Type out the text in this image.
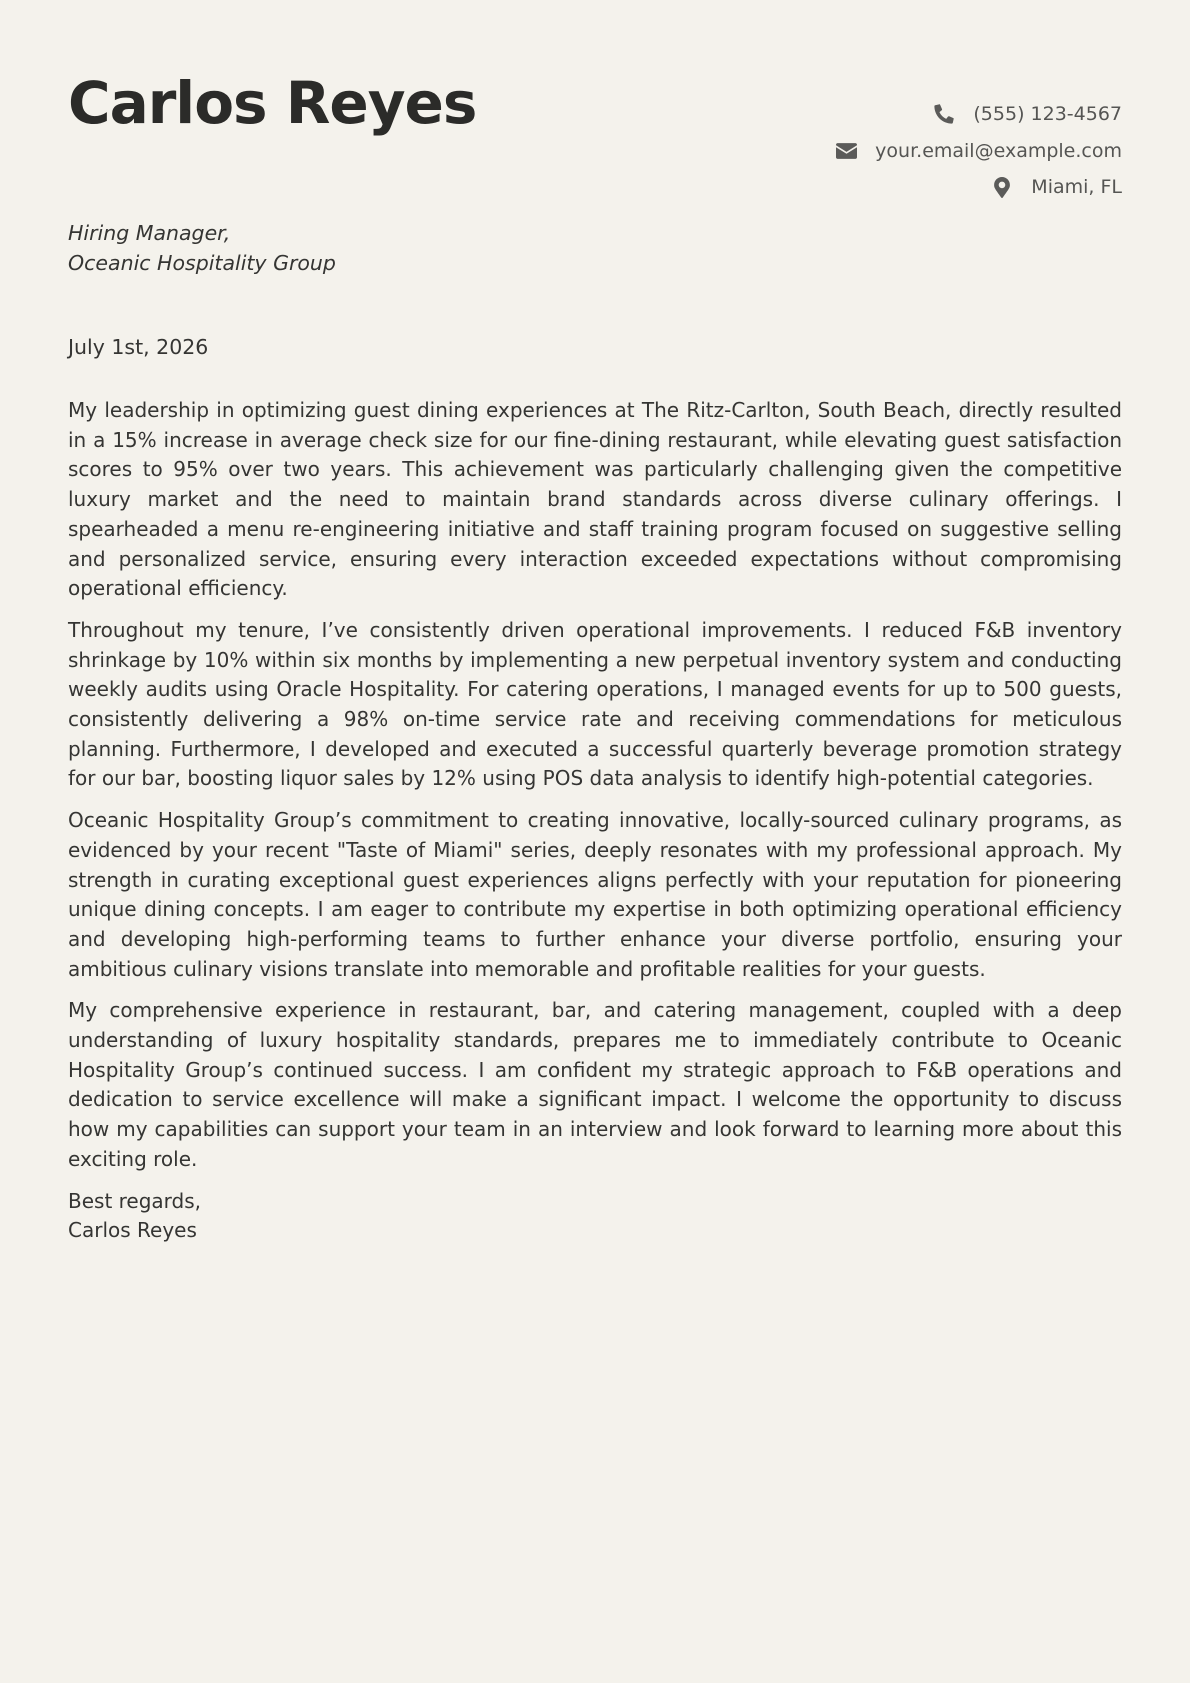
Carlos Reyes	(555) 123-4567
your.email@example.com
Miami, FL
Hiring Manager,
Oceanic Hospitality Group
July 1st, 2026

My leadership in optimizing guest dining experiences at The Ritz-Carlton, South Beach, directly resulted in a 15% increase in average check size for our fine-dining restaurant, while elevating guest satisfaction scores to 95% over two years. This achievement was particularly challenging given the competitive luxury market and the need to maintain brand standards across diverse culinary offerings. I spearheaded a menu re-engineering initiative and staff training program focused on suggestive selling and personalized service, ensuring every interaction exceeded expectations without compromising operational efficiency.

Throughout my tenure, I’ve consistently driven operational improvements. I reduced F&B inventory shrinkage by 10% within six months by implementing a new perpetual inventory system and conducting weekly audits using Oracle Hospitality. For catering operations, I managed events for up to 500 guests, consistently delivering a 98% on-time service rate and receiving commendations for meticulous planning. Furthermore, I developed and executed a successful quarterly beverage promotion strategy for our bar, boosting liquor sales by 12% using POS data analysis to identify high-potential categories.

Oceanic Hospitality Group’s commitment to creating innovative, locally-sourced culinary programs, as evidenced by your recent "Taste of Miami" series, deeply resonates with my professional approach. My strength in curating exceptional guest experiences aligns perfectly with your reputation for pioneering unique dining concepts. I am eager to contribute my expertise in both optimizing operational efficiency and developing high-performing teams to further enhance your diverse portfolio, ensuring your ambitious culinary visions translate into memorable and profitable realities for your guests.

My comprehensive experience in restaurant, bar, and catering management, coupled with a deep understanding of luxury hospitality standards, prepares me to immediately contribute to Oceanic Hospitality Group’s continued success. I am confident my strategic approach to F&B operations and dedication to service excellence will make a significant impact. I welcome the opportunity to discuss how my capabilities can support your team in an interview and look forward to learning more about this exciting role.

Best regards,
Carlos Reyes
